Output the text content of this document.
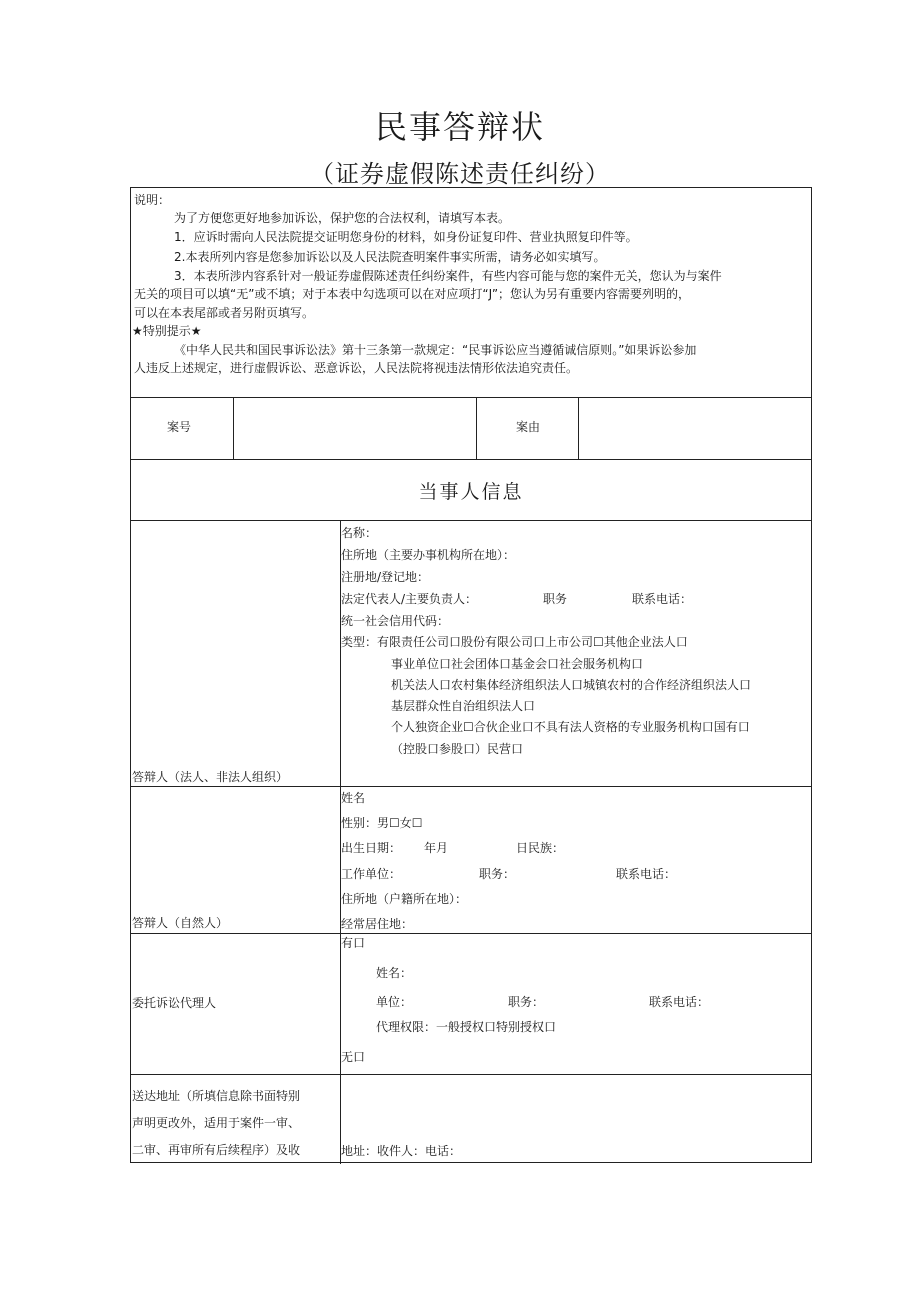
民事答辩状
（证券虚假陈述责任纠纷）
说明：
为了方便您更好地参加诉讼，保护您的合法权利，请填写本表。
1．应诉时需向人民法院提交证明您身份的材料，如身份证复印件、营业执照复印件等。
2.本表所列内容是您参加诉讼以及人民法院查明案件事实所需，请务必如实填写。
3．本表所涉内容系针对一般证券虚假陈述责任纠纷案件，有些内容可能与您的案件无关，您认为与案件
无关的项目可以填“无”或不填；对于本表中勾选项可以在对应项打“J”；您认为另有重要内容需要列明的，
可以在本表尾部或者另附页填写。
★特别提示★
《中华人民共和国民事诉讼法》第十三条第一款规定：“民事诉讼应当遵循诚信原则。”如果诉讼参加
人违反上述规定，进行虚假诉讼、恶意诉讼，人民法院将视违法情形依法追究责任。
案号	案由
当事人信息
答辩人（法人、非法人组织）
名称：
住所地（主要办事机构所在地）：
注册地/登记地：
法定代表人/主要负责人：	职务	联系电话：
统一社会信用代码：
类型：有限责任公司口股份有限公司口上市公司☐其他企业法人口
事业单位口社会团体口基金会口社会服务机构口
机关法人口农村集体经济组织法人口城镇农村的合作经济组织法人口
基层群众性自治组织法人口
个人独资企业☐合伙企业口不具有法人资格的专业服务机构口国有口
（控股口参股口）民营口
答辩人（自然人）
姓名
性别：男☐女☐
出生日期： 年月	日民族：
工作单位：	职务：	联系电话：
住所地（户籍所在地）：
经常居住地：
委托诉讼代理人
有口
姓名：
单位：	职务：	联系电话：
代理权限：一般授权口特别授权口
无口
送达地址（所填信息除书面特别
声明更改外，适用于案件一审、
二审、再审所有后续程序）及收	地址：收件人：电话：
